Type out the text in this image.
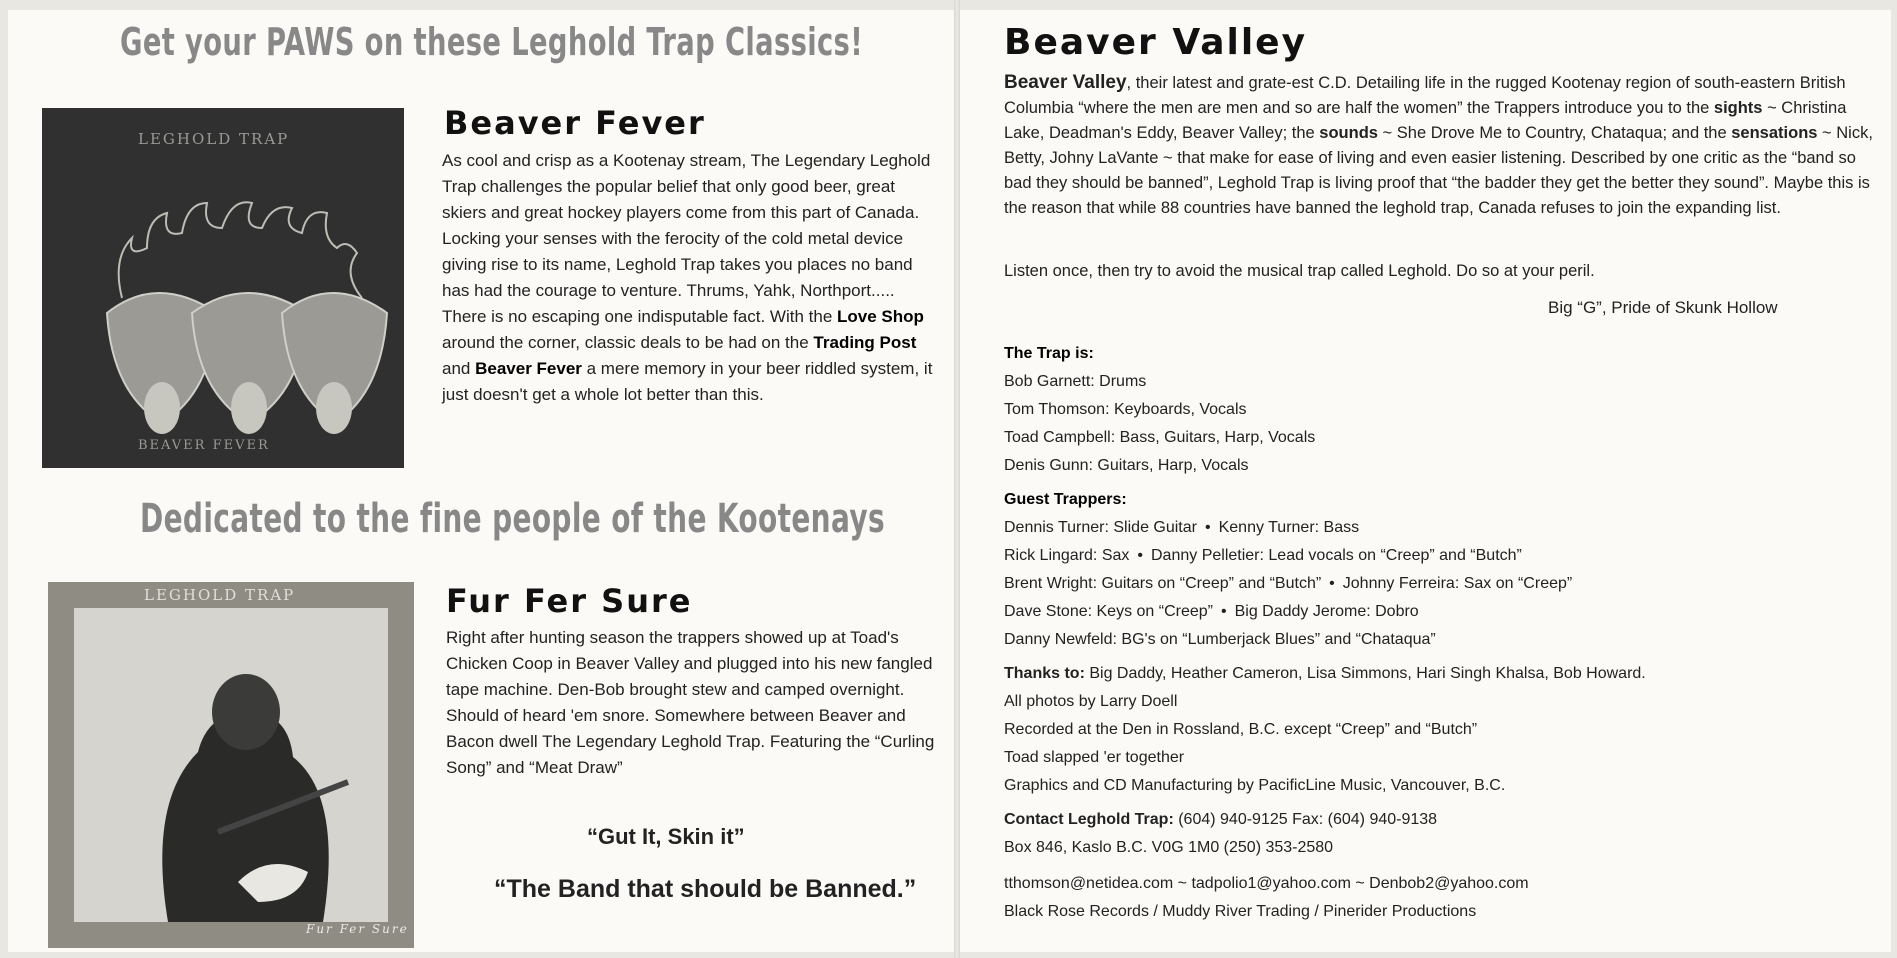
Get your PAWS on these Leghold Trap Classics!
LEGHOLD TRAP
BEAVER FEVER
Beaver Fever
As cool and crisp as a Kootenay stream, The Legendary Leghold Trap challenges the popular belief that only good beer, great skiers and great hockey players come from this part of Canada. Locking your senses with the ferocity of the cold metal device giving rise to its name, Leghold Trap takes you places no band has had the courage to venture. Thrums, Yahk, Northport..... There is no escaping one indisputable fact. With the Love Shop around the corner, classic deals to be had on the Trading Post and Beaver Fever a mere memory in your beer riddled system, it just doesn't get a whole lot better than this.
Dedicated to the fine people of the Kootenays
LEGHOLD TRAP
Fur Fer Sure
Fur Fer Sure
Right after hunting season the trappers showed up at Toad's Chicken Coop in Beaver Valley and plugged into his new fangled tape machine. Den-Bob brought stew and camped overnight. Should of heard 'em snore. Somewhere between Beaver and Bacon dwell The Legendary Leghold Trap. Featuring the “Curling Song” and “Meat Draw”
“Gut It, Skin it”
“The Band that should be Banned.”
Beaver Valley
Beaver Valley, their latest and grate-est C.D. Detailing life in the rugged Kootenay region of south-eastern British Columbia “where the men are men and so are half the women” the Trappers introduce you to the sights ~ Christina Lake, Deadman's Eddy, Beaver Valley; the sounds ~ She Drove Me to Country, Chataqua; and the sensations ~ Nick, Betty, Johny LaVante ~ that make for ease of living and even easier listening. Described by one critic as the “band so bad they should be banned”, Leghold Trap is living proof that “the badder they get the better they sound”. Maybe this is the reason that while 88 countries have banned the leghold trap, Canada refuses to join the expanding list.
Listen once, then try to avoid the musical trap called Leghold. Do so at your peril.
Big “G”, Pride of Skunk Hollow
The Trap is:
Bob Garnett: Drums
Tom Thomson: Keyboards, Vocals
Toad Campbell: Bass, Guitars, Harp, Vocals
Denis Gunn: Guitars, Harp, Vocals
Guest Trappers:
Dennis Turner: Slide Guitar • Kenny Turner: Bass
Rick Lingard: Sax • Danny Pelletier: Lead vocals on “Creep” and “Butch”
Brent Wright: Guitars on “Creep” and “Butch” • Johnny Ferreira: Sax on “Creep”
Dave Stone: Keys on “Creep” • Big Daddy Jerome: Dobro
Danny Newfeld: BG's on “Lumberjack Blues” and “Chataqua”
Thanks to: Big Daddy, Heather Cameron, Lisa Simmons, Hari Singh Khalsa, Bob Howard.
All photos by Larry Doell
Recorded at the Den in Rossland, B.C. except “Creep” and “Butch”
Toad slapped 'er together
Graphics and CD Manufacturing by PacificLine Music, Vancouver, B.C.
Contact Leghold Trap: (604) 940-9125 Fax: (604) 940-9138
Box 846, Kaslo B.C. V0G 1M0 (250) 353-2580
tthomson@netidea.com ~ tadpolio1@yahoo.com ~ Denbob2@yahoo.com
Black Rose Records / Muddy River Trading / Pinerider Productions
